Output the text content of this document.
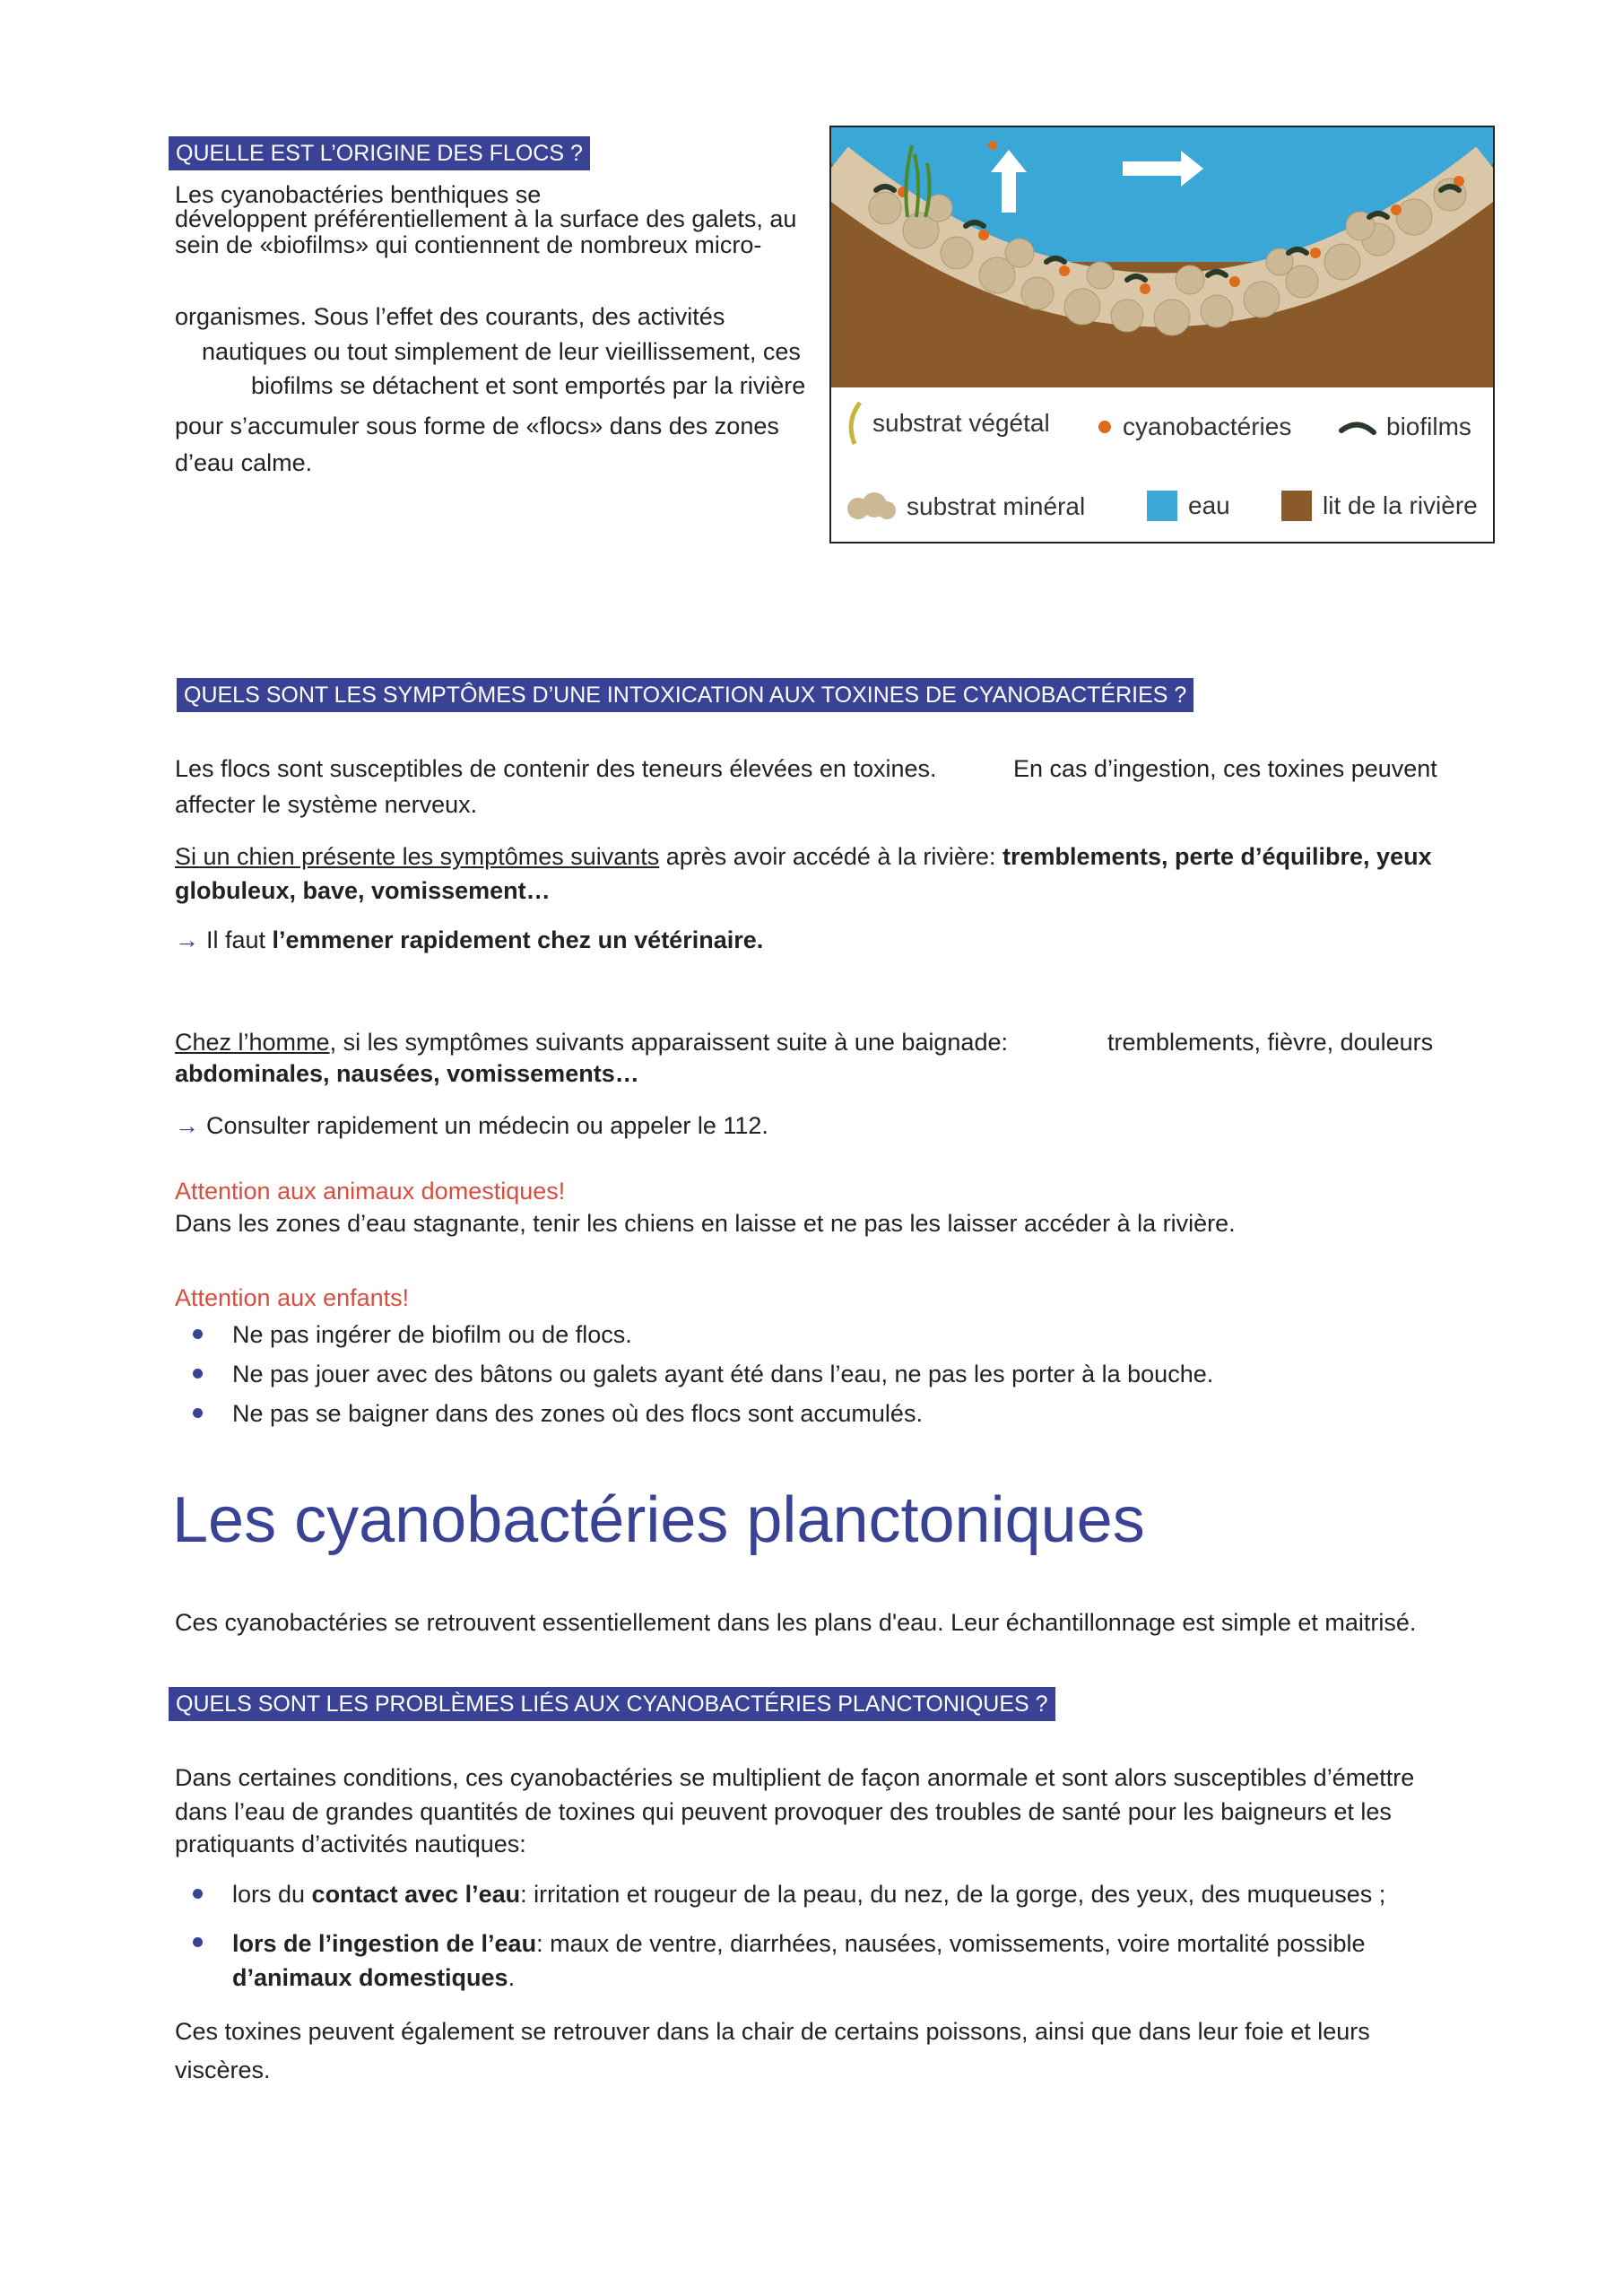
QUELLE EST L’ORIGINE DES FLOCS ?
Les cyanobactéries benthiques se
développent préférentiellement à la surface des galets, au
sein de «biofilms» qui contiennent de nombreux micro-
organismes. Sous l’effet des courants, des activités
nautiques ou tout simplement de leur vieillissement, ces
biofilms se détachent et sont emportés par la rivière
pour s’accumuler sous forme de «flocs» dans des zones
d’eau calme.
substrat végétal	cyanobactéries	biofilms
substrat minéral	eau	lit de la rivière
QUELS SONT LES SYMPTÔMES D’UNE INTOXICATION AUX TOXINES DE CYANOBACTÉRIES ?
Les flocs sont susceptibles de contenir des teneurs élevées en toxines.	En cas d’ingestion, ces toxines peuvent
affecter le système nerveux.
Si un chien présente les symptômes suivants après avoir accédé à la rivière: tremblements, perte d’équilibre, yeux
globuleux, bave, vomissement…
→ Il faut l’emmener rapidement chez un vétérinaire.
Chez l’homme, si les symptômes suivants apparaissent suite à une baignade:	tremblements, fièvre, douleurs
abdominales, nausées, vomissements…
→ Consulter rapidement un médecin ou appeler le 112.
Attention aux animaux domestiques!
Dans les zones d’eau stagnante, tenir les chiens en laisse et ne pas les laisser accéder à la rivière.
Attention aux enfants!
Ne pas ingérer de biofilm ou de flocs.
Ne pas jouer avec des bâtons ou galets ayant été dans l’eau, ne pas les porter à la bouche.
Ne pas se baigner dans des zones où des flocs sont accumulés.
Les cyanobactéries planctoniques
Ces cyanobactéries se retrouvent essentiellement dans les plans d'eau. Leur échantillonnage est simple et maitrisé.
QUELS SONT LES PROBLÈMES LIÉS AUX CYANOBACTÉRIES PLANCTONIQUES ?
Dans certaines conditions, ces cyanobactéries se multiplient de façon anormale et sont alors susceptibles d’émettre
dans l’eau de grandes quantités de toxines qui peuvent provoquer des troubles de santé pour les baigneurs et les
pratiquants d’activités nautiques:
lors du contact avec l’eau: irritation et rougeur de la peau, du nez, de la gorge, des yeux, des muqueuses ;
lors de l’ingestion de l’eau: maux de ventre, diarrhées, nausées, vomissements, voire mortalité possible
d’animaux domestiques.
Ces toxines peuvent également se retrouver dans la chair de certains poissons, ainsi que dans leur foie et leurs
viscères.
